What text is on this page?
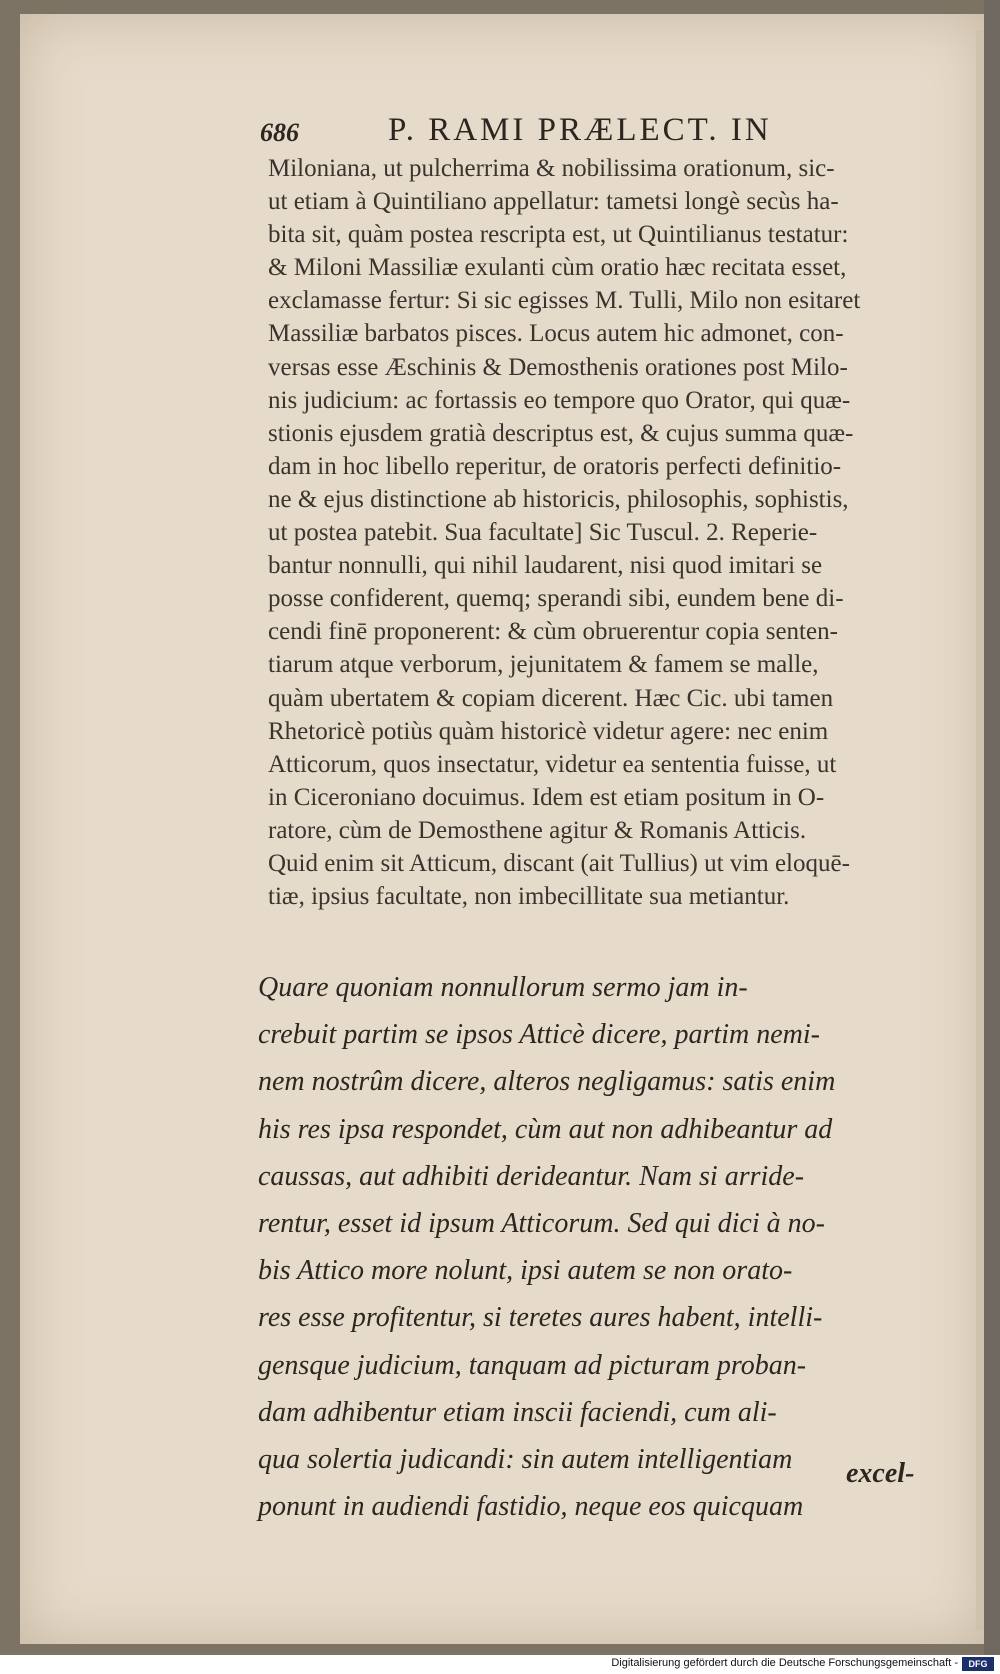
686	P. RAMI PRÆLECT. IN
Miloniana, ut pulcherrima & nobilissima orationum, sic-
ut etiam à Quintiliano appellatur: tametsi longè secùs ha-
bita sit, quàm postea rescripta est, ut Quintilianus testatur:
& Miloni Massiliæ exulanti cùm oratio hæc recitata esset,
exclamasse fertur: Si sic egisses M. Tulli, Milo non esitaret
Massiliæ barbatos pisces. Locus autem hic admonet, con-
versas esse Æschinis & Demosthenis orationes post Milo-
nis judicium: ac fortassis eo tempore quo Orator, qui quæ-
stionis ejusdem gratià descriptus est, & cujus summa quæ-
dam in hoc libello reperitur, de oratoris perfecti definitio-
ne & ejus distinctione ab historicis, philosophis, sophistis,
ut postea patebit. Sua facultate] Sic Tuscul. 2. Reperie-
bantur nonnulli, qui nihil laudarent, nisi quod imitari se
posse confiderent, quemq; sperandi sibi, eundem bene di-
cendi finē proponerent: & cùm obruerentur copia senten-
tiarum atque verborum, jejunitatem & famem se malle,
quàm ubertatem & copiam dicerent. Hæc Cic. ubi tamen
Rhetoricè potiùs quàm historicè videtur agere: nec enim
Atticorum, quos insectatur, videtur ea sententia fuisse, ut
in Ciceroniano docuimus. Idem est etiam positum in O-
ratore, cùm de Demosthene agitur & Romanis Atticis.
Quid enim sit Atticum, discant (ait Tullius) ut vim eloquē-
tiæ, ipsius facultate, non imbecillitate sua metiantur.
Quare quoniam nonnullorum sermo jam in-
crebuit partim se ipsos Atticè dicere, partim nemi-
nem nostrûm dicere, alteros negligamus: satis enim
his res ipsa respondet, cùm aut non adhibeantur ad
caussas, aut adhibiti derideantur. Nam si arride-
rentur, esset id ipsum Atticorum. Sed qui dici à no-
bis Attico more nolunt, ipsi autem se non orato-
res esse profitentur, si teretes aures habent, intelli-
gensque judicium, tanquam ad picturam proban-
dam adhibentur etiam inscii faciendi, cum ali-
qua solertia judicandi: sin autem intelligentiam
ponunt in audiendi fastidio, neque eos quicquam
excel-
Digitalisierung gefördert durch die Deutsche Forschungsgemeinschaft -	DFG
